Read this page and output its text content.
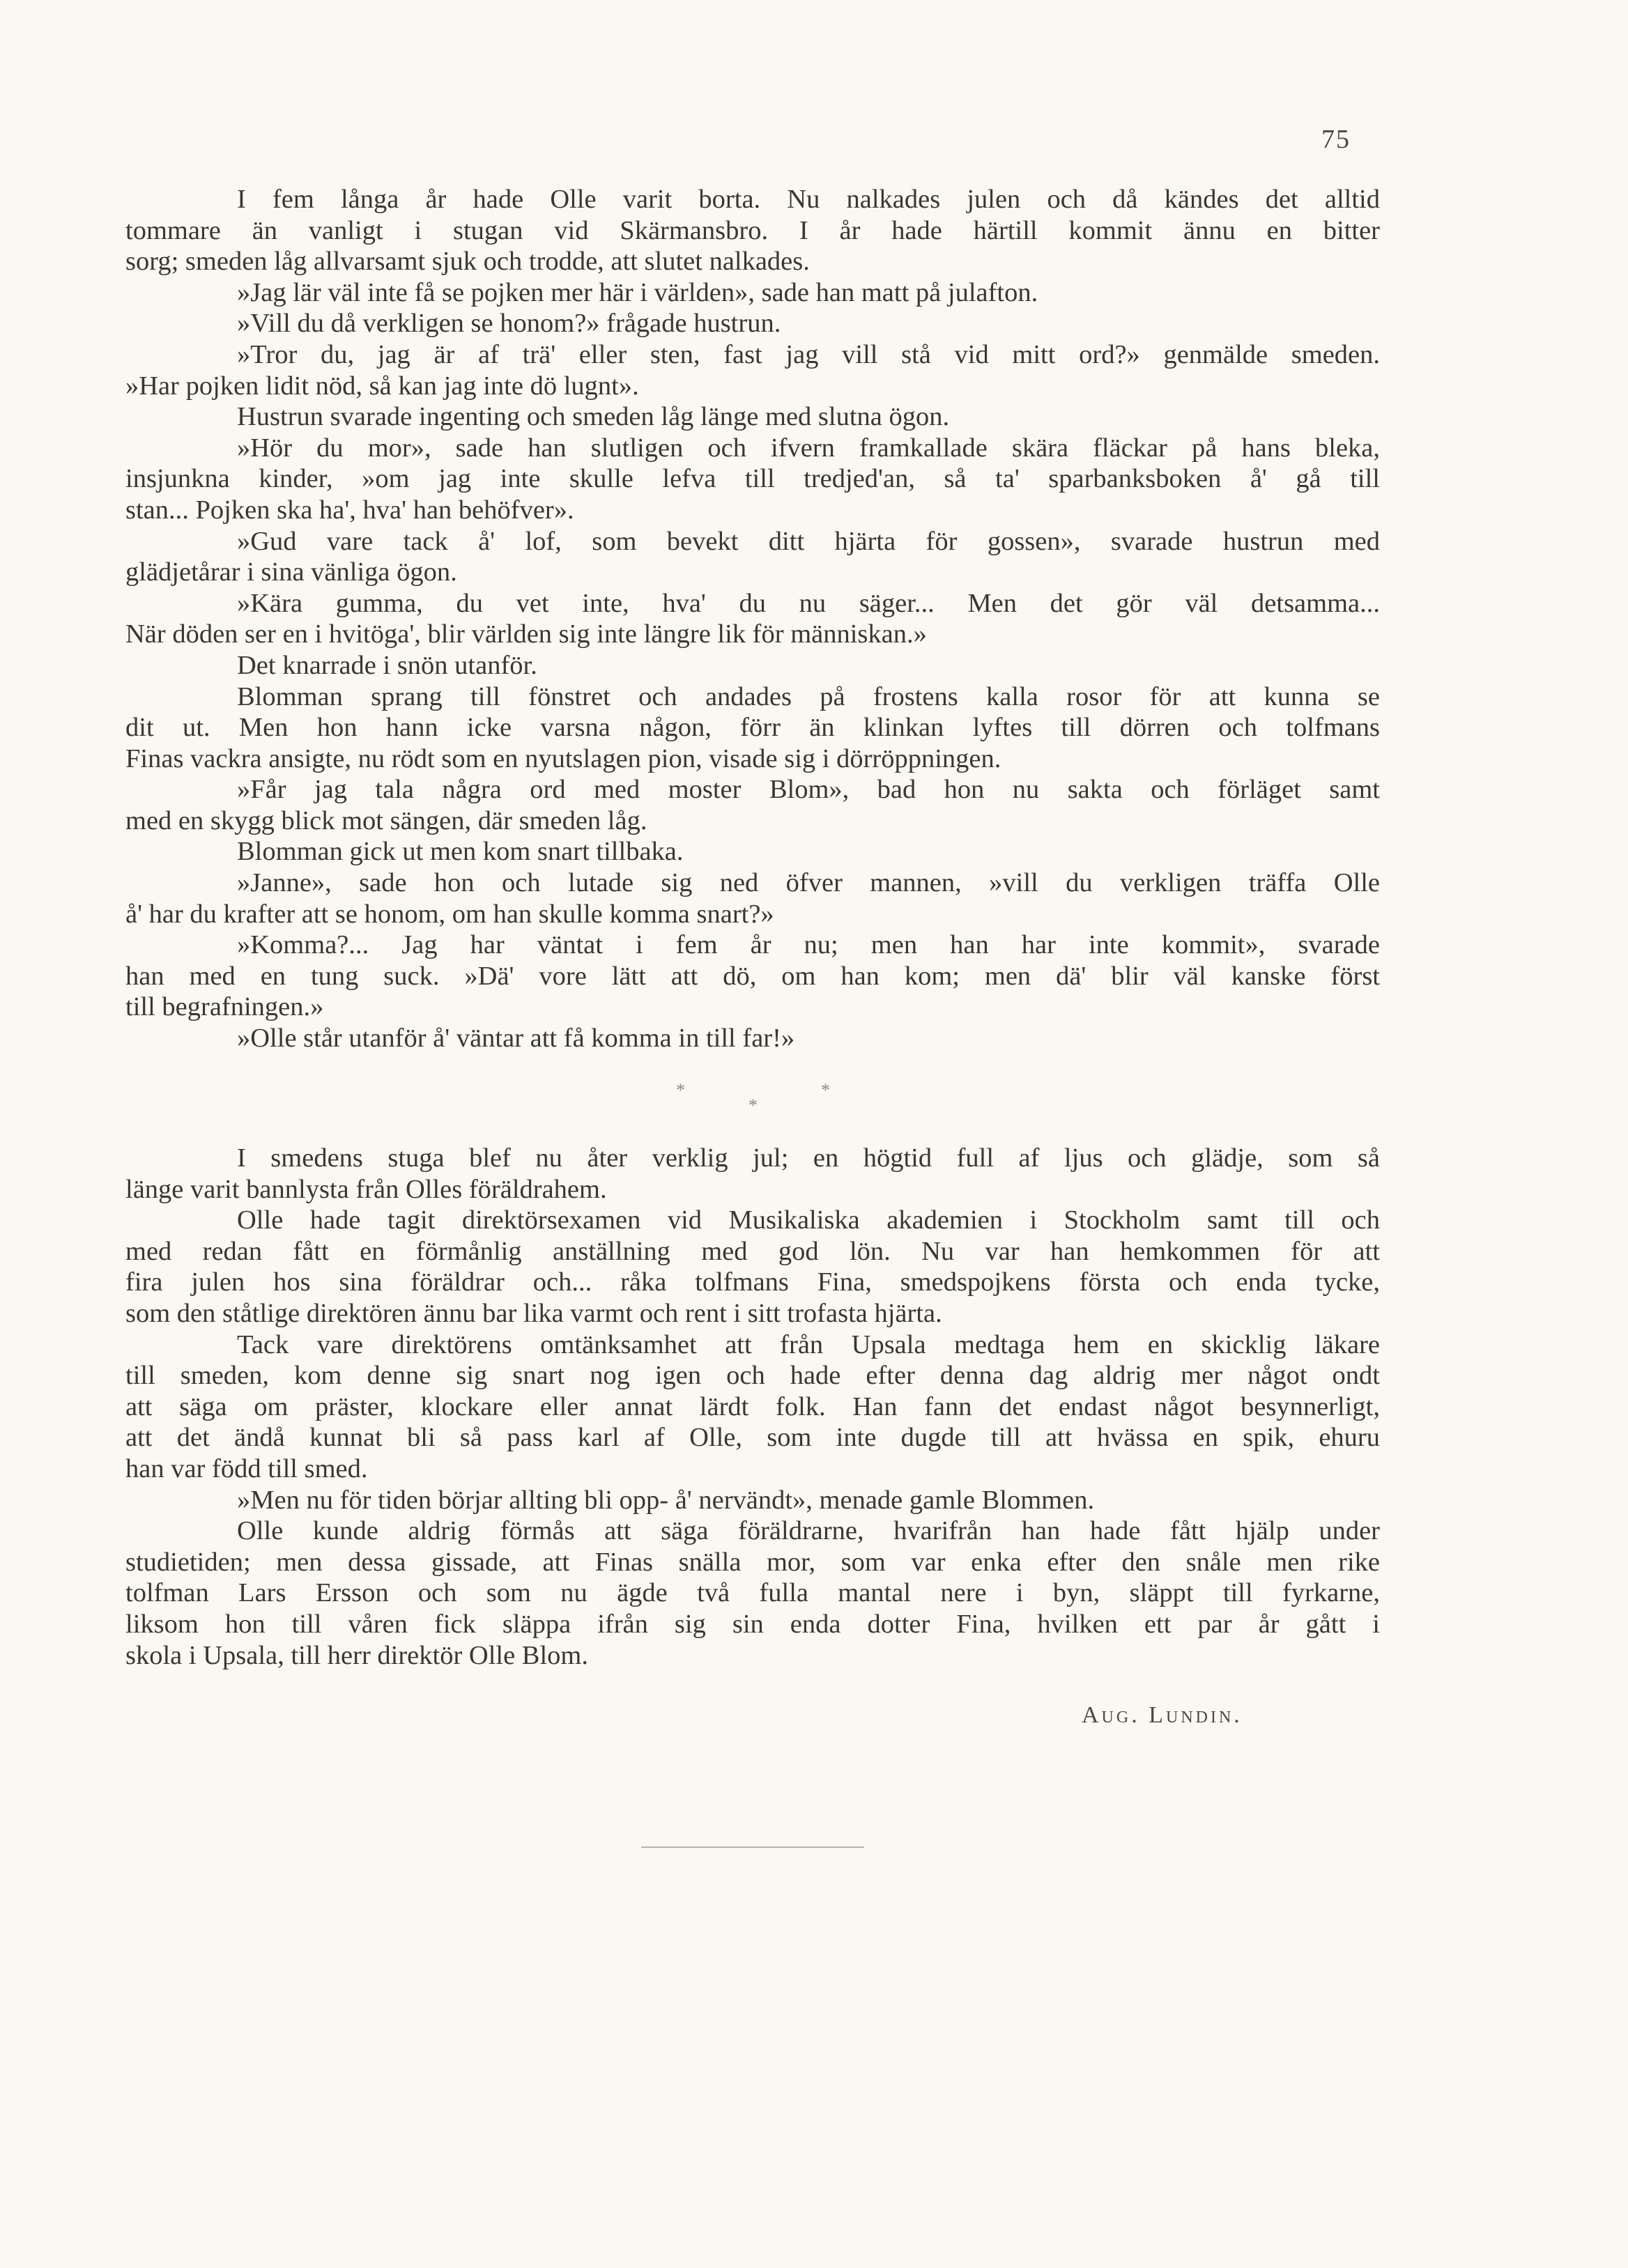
75

I fem långa år hade Olle varit borta. Nu nalkades julen och då kändes det alltid

tommare än vanligt i stugan vid Skärmansbro. I år hade härtill kommit ännu en bitter

sorg; smeden låg allvarsamt sjuk och trodde, att slutet nalkades.

»Jag lär väl inte få se pojken mer här i världen», sade han matt på julafton.

»Vill du då verkligen se honom?» frågade hustrun.

»Tror du, jag är af trä' eller sten, fast jag vill stå vid mitt ord?» genmälde smeden.

»Har pojken lidit nöd, så kan jag inte dö lugnt».

Hustrun svarade ingenting och smeden låg länge med slutna ögon.

»Hör du mor», sade han slutligen och ifvern framkallade skära fläckar på hans bleka,

insjunkna kinder, »om jag inte skulle lefva till tredjed'an, så ta' sparbanksboken å' gå till

stan... Pojken ska ha', hva' han behöfver».

»Gud vare tack å' lof, som bevekt ditt hjärta för gossen», svarade hustrun med

glädjetårar i sina vänliga ögon.

»Kära gumma, du vet inte, hva' du nu säger... Men det gör väl detsamma...

När döden ser en i hvitöga', blir världen sig inte längre lik för människan.»

Det knarrade i snön utanför.

Blomman sprang till fönstret och andades på frostens kalla rosor för att kunna se

dit ut. Men hon hann icke varsna någon, förr än klinkan lyftes till dörren och tolfmans

Finas vackra ansigte, nu rödt som en nyutslagen pion, visade sig i dörröppningen.

»Får jag tala några ord med moster Blom», bad hon nu sakta och förläget samt

med en skygg blick mot sängen, där smeden låg.

Blomman gick ut men kom snart tillbaka.

»Janne», sade hon och lutade sig ned öfver mannen, »vill du verkligen träffa Olle

å' har du krafter att se honom, om han skulle komma snart?»

»Komma?... Jag har väntat i fem år nu; men han har inte kommit», svarade

han med en tung suck. »Dä' vore lätt att dö, om han kom; men dä' blir väl kanske först

till begrafningen.»

»Olle står utanför å' väntar att få komma in till far!»

*	*
*

I smedens stuga blef nu åter verklig jul; en högtid full af ljus och glädje, som så

länge varit bannlysta från Olles föräldrahem.

Olle hade tagit direktörsexamen vid Musikaliska akademien i Stockholm samt till och

med redan fått en förmånlig anställning med god lön. Nu var han hemkommen för att

fira julen hos sina föräldrar och... råka tolfmans Fina, smedspojkens första och enda tycke,

som den ståtlige direktören ännu bar lika varmt och rent i sitt trofasta hjärta.

Tack vare direktörens omtänksamhet att från Upsala medtaga hem en skicklig läkare

till smeden, kom denne sig snart nog igen och hade efter denna dag aldrig mer något ondt

att säga om präster, klockare eller annat lärdt folk. Han fann det endast något besynnerligt,

att det ändå kunnat bli så pass karl af Olle, som inte dugde till att hvässa en spik, ehuru

han var född till smed.

»Men nu för tiden börjar allting bli opp- å' nervändt», menade gamle Blommen.

Olle kunde aldrig förmås att säga föräldrarne, hvarifrån han hade fått hjälp under

studietiden; men dessa gissade, att Finas snälla mor, som var enka efter den snåle men rike

tolfman Lars Ersson och som nu ägde två fulla mantal nere i byn, släppt till fyrkarne,

liksom hon till våren fick släppa ifrån sig sin enda dotter Fina, hvilken ett par år gått i

skola i Upsala, till herr direktör Olle Blom.

Aug. Lundin.
